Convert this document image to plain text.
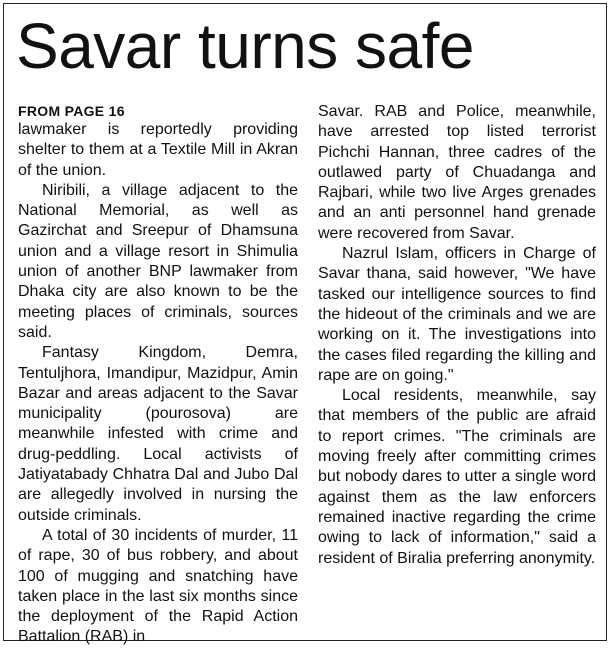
Savar turns safe

FROM PAGE 16

lawmaker is reportedly providing shelter to them at a Textile Mill in Akran of the union.

Niribili, a village adjacent to the National Memorial, as well as Gazirchat and Sreepur of Dhamsuna union and a village resort in Shimulia union of another BNP lawmaker from Dhaka city are also known to be the meeting places of criminals, sources said.

Fantasy Kingdom, Demra, Tentuljhora, Imandipur, Mazidpur, Amin Bazar and areas adjacent to the Savar municipality (pourosova) are meanwhile infested with crime and drug-peddling. Local activists of Jatiyatabady Chhatra Dal and Jubo Dal are allegedly involved in nursing the outside criminals.

A total of 30 incidents of murder, 11 of rape, 30 of bus robbery, and about 100 of mugging and snatching have taken place in the last six months since the deployment of the Rapid Action Battalion (RAB) in

Savar. RAB and Police, meanwhile, have arrested top listed terrorist Pichchi Hannan, three cadres of the outlawed party of Chuadanga and Rajbari, while two live Arges grenades and an anti personnel hand grenade were recovered from Savar.

Nazrul Islam, officers in Charge of Savar thana, said however, "We have tasked our intelligence sources to find the hideout of the criminals and we are working on it. The investigations into the cases filed regarding the killing and rape are on going."

Local residents, meanwhile, say that members of the public are afraid to report crimes. "The criminals are moving freely after committing crimes but nobody dares to utter a single word against them as the law enforcers remained inactive regarding the crime owing to lack of information," said a resident of Biralia preferring anonymity.
